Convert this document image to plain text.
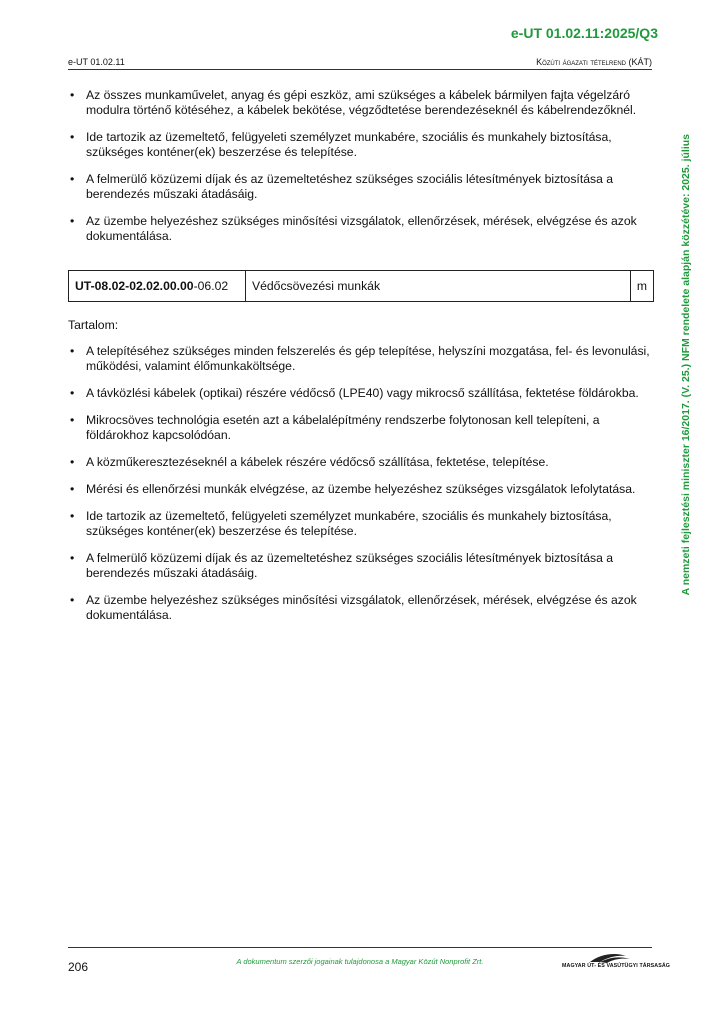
e-UT 01.02.11:2025/Q3
e-UT 01.02.11	Közúti ágazati tételrend (KÁT)
A nemzeti fejlesztési miniszter 16/2017. (V. 25.) NFM rendelete alapján közzétéve: 2025. július
• Az összes munkaművelet, anyag és gépi eszköz, ami szükséges a kábelek bármilyen fajta végelzáró modulra történő kötéséhez, a kábelek bekötése, végződtetése berendezéseknél és kábelrendezőknél.
• Ide tartozik az üzemeltető, felügyeleti személyzet munkabére, szociális és munkahely biztosítása, szükséges konténer(ek) beszerzése és telepítése.
• A felmerülő közüzemi díjak és az üzemeltetéshez szükséges szociális létesítmények biztosítása a berendezés műszaki átadásáig.
• Az üzembe helyezéshez szükséges minősítési vizsgálatok, ellenőrzések, mérések, elvégzése és azok dokumentálása.
UT-08.02-02.02.00.00-06.02	Védőcsövezési munkák	m

Tartalom:

• A telepítéséhez szükséges minden felszerelés és gép telepítése, helyszíni mozgatása, fel- és levonulási, működési, valamint élőmunkaköltsége.
• A távközlési kábelek (optikai) részére védőcső (LPE40) vagy mikrocső szállítása, fektetése földárokba.
• Mikrocsöves technológia esetén azt a kábelalépítmény rendszerbe folytonosan kell telepíteni, a földárokhoz kapcsolódóan.
• A közműkeresztezéseknél a kábelek részére védőcső szállítása, fektetése, telepítése.
• Mérési és ellenőrzési munkák elvégzése, az üzembe helyezéshez szükséges vizsgálatok lefolytatása.
• Ide tartozik az üzemeltető, felügyeleti személyzet munkabére, szociális és munkahely biztosítása, szükséges konténer(ek) beszerzése és telepítése.
• A felmerülő közüzemi díjak és az üzemeltetéshez szükséges szociális létesítmények biztosítása a berendezés műszaki átadásáig.
• Az üzembe helyezéshez szükséges minősítési vizsgálatok, ellenőrzések, mérések, elvégzése és azok dokumentálása.
206	A dokumentum szerzői jogainak tulajdonosa a Magyar Közút Nonprofit Zrt.	MAGYAR ÚT- ÉS VASÚTÜGYI TÁRSASÁG
